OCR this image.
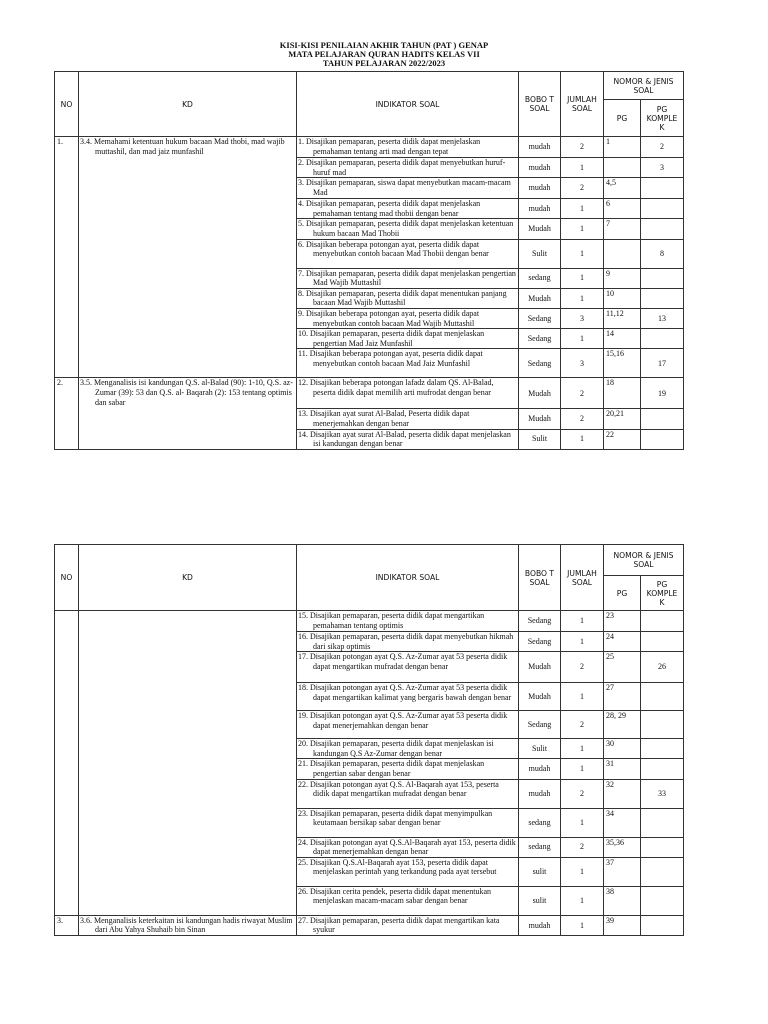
KISI-KISI PENILAIAN AKHIR TAHUN (PAT ) GENAP
MATA PELAJARAN QURAN HADITS KELAS VII
TAHUN PELAJARAN 2022/2023
NO	KD	INDIKATOR SOAL	BOBO T SOAL	JUMLAH SOAL	NOMOR & JENIS SOAL	
					PG	PG KOMPLE K
1.	3.4. Memahami ketentuan hukum bacaan Mad thobi, mad wajib muttashil, dan mad jaiz munfashil	1. Disajikan pemaparan, peserta didik dapat menjelaskan pemahaman tentang arti mad dengan tepat	mudah	2	1	2
		2. Disajikan pemaparan, peserta didik dapat menyebutkan huruf-huruf mad	mudah	1		3
		3. Disajikan pemaparan, siswa dapat menyebutkan macam-macam Mad	mudah	2	4,5	
		4. Disajikan pemaparan, peserta didik dapat menjelaskan pemahaman tentang mad thobii dengan benar	mudah	1	6	
		5. Disajikan pemaparan, peserta didik dapat menjelaskan ketentuan hukum bacaan Mad Thobii	Mudah	1	7	
		6. Disajikan beberapa potongan ayat, peserta didik dapat menyebutkan contoh bacaan Mad Thobii dengan benar	Sulit	1		8
		7. Disajikan pemaparan, peserta didik dapat menjelaskan pengertian Mad Wajib Muttashil	sedang	1	9	
		8. Disajikan pemaparan, peserta didik dapat menentukan panjang bacaan Mad Wajib Muttashil	Mudah	1	10	
		9. Disajikan beberapa potongan ayat, peserta didik dapat menyebutkan contoh bacaan Mad Wajib Muttashil	Sedang	3	11,12	13
		10. Disajikan pemaparan, peserta didik dapat menjelaskan pengertian Mad Jaiz Munfashil	Sedang	1	14	
		11. Disajikan beberapa potongan ayat, peserta didik dapat menyebutkan contoh bacaan Mad Jaiz Munfashil	Sedang	3	15,16	17
2.	3.5. Menganalisis isi kandungan Q.S. al-Balad (90): 1-10, Q.S. az-Zumar (39): 53 dan Q.S. al- Baqarah (2): 153 tentang optimis dan sabar	12. Disajikan beberapa potongan lafadz dalam QS. Al-Balad, peserta didik dapat memilih arti mufrodat dengan benar	Mudah	2	18	19
		13. Disajikan ayat surat Al-Balad, Peserta didik dapat menerjemahkan dengan benar	Mudah	2	20,21	
		14. Disajikan ayat surat Al-Balad, peserta didik dapat menjelaskan isi kandungan dengan benar	Sulit	1	22	
NO	KD	INDIKATOR SOAL	BOBO T SOAL	JUMLAH SOAL	NOMOR & JENIS SOAL	
					PG	PG KOMPLE K
		15. Disajikan pemaparan, peserta didik dapat mengartikan pemahaman tentang optimis	Sedang	1	23	
		16. Disajikan pemaparan, peserta didik dapat menyebutkan hikmah dari sikap optimis	Sedang	1	24	
		17. Disajikan potongan ayat Q.S. Az-Zumar ayat 53 peserta didik dapat mengartikan mufradat dengan benar	Mudah	2	25	26
		18. Disajikan potongan ayat Q.S. Az-Zumar ayat 53 peserta didik dapat mengartikan kalimat yang bergaris bawah dengan benar	Mudah	1	27	
		19. Disajikan potongan ayat Q.S. Az-Zumar ayat 53 peserta didik dapat menerjemahkan dengan benar	Sedang	2	28, 29	
		20. Disajikan pemaparan, peserta didik dapat menjelaskan isi kandungan Q.S Az-Zumar dengan benar	Sulit	1	30	
		21. Disajikan pemaparan, peserta didik dapat menjelaskan pengertian sabar dengan benar	mudah	1	31	
		22. Disajikan potongan ayat Q.S. Al-Baqarah ayat 153, peserta didik dapat mengartikan mufradat dengan benar	mudah	2	32	33
		23. Disajikan pemaparan, peserta didik dapat menyimpulkan keutamaan bersikap sabar dengan benar	sedang	1	34	
		24. Disajikan potongan ayat Q.S.Al-Baqarah ayat 153, peserta didik dapat menerjemahkan dengan benar	sedang	2	35,36	
		25. Disajikan Q.S.Al-Baqarah ayat 153, peserta didik dapat menjelaskan perintah yang terkandung pada ayat tersebut	sulit	1	37	
		26. Disajikan cerita pendek, peserta didik dapat menentukan menjelaskan macam-macam sabar dengan benar	sulit	1	38	
3.	3.6. Menganalisis keterkaitan isi kandungan hadis riwayat Muslim dari Abu Yahya Shuhaib bin Sinan	27. Disajikan pemaparan, peserta didik dapat mengartikan kata syukur	mudah	1	39	
